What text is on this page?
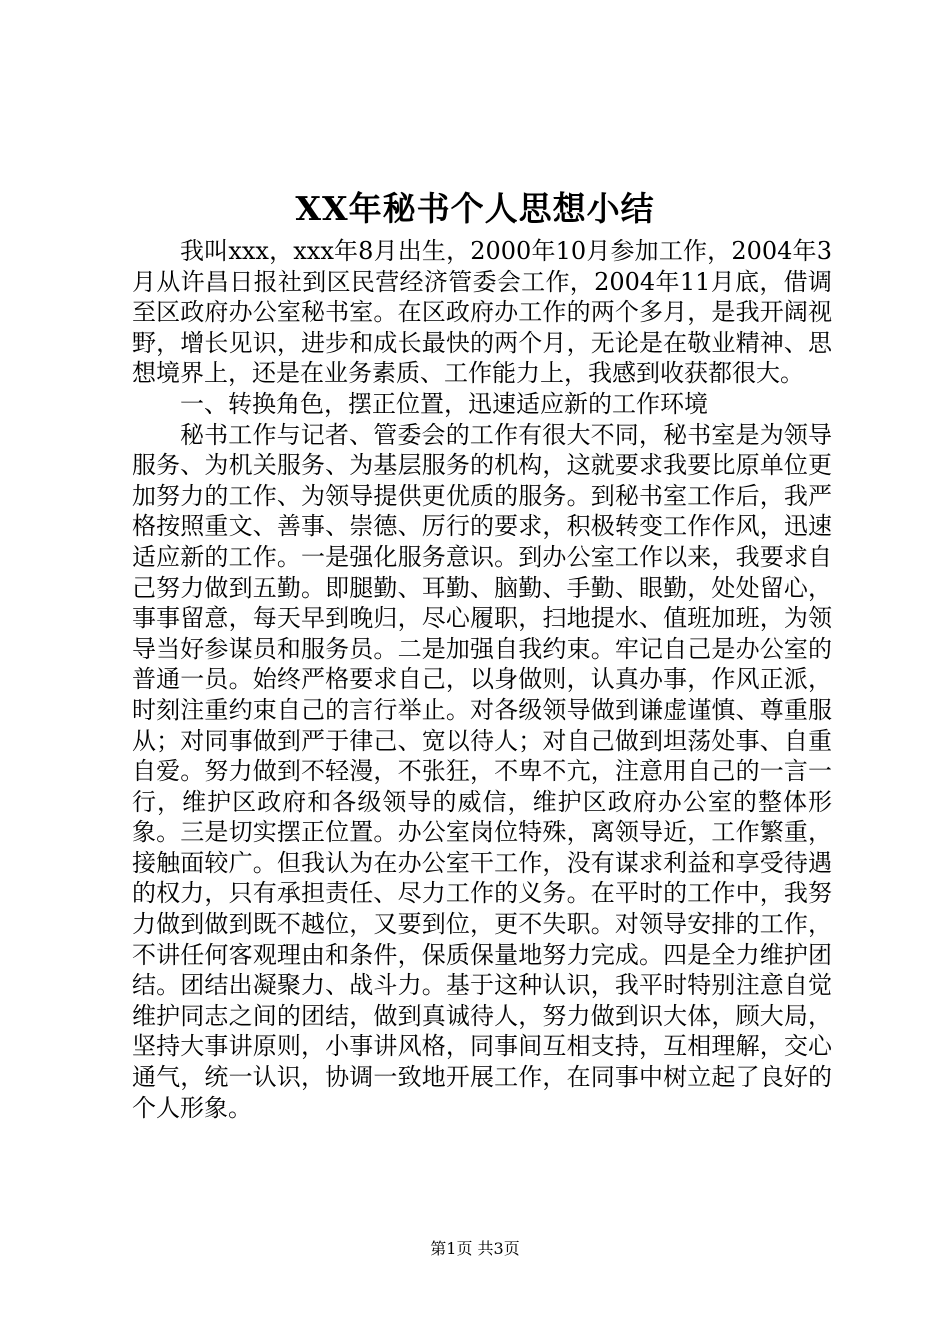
XX年秘书个人思想小结

我叫xxx，xxx年8月出生，2000年10月参加工作，2004年3月从许昌日报社到区民营经济管委会工作，2004年11月底，借调至区政府办公室秘书室。在区政府办工作的两个多月，是我开阔视野，增长见识，进步和成长最快的两个月，无论是在敬业精神、思想境界上，还是在业务素质、工作能力上，我感到收获都很大。

一、转换角色，摆正位置，迅速适应新的工作环境

秘书工作与记者、管委会的工作有很大不同，秘书室是为领导服务、为机关服务、为基层服务的机构，这就要求我要比原单位更加努力的工作、为领导提供更优质的服务。到秘书室工作后，我严格按照重文、善事、崇德、厉行的要求，积极转变工作作风，迅速适应新的工作。一是强化服务意识。到办公室工作以来，我要求自己努力做到五勤。即腿勤、耳勤、脑勤、手勤、眼勤，处处留心，事事留意，每天早到晚归，尽心履职，扫地提水、值班加班，为领导当好参谋员和服务员。二是加强自我约束。牢记自己是办公室的普通一员。始终严格要求自己，以身做则，认真办事，作风正派，时刻注重约束自己的言行举止。对各级领导做到谦虚谨慎、尊重服从；对同事做到严于律己、宽以待人；对自己做到坦荡处事、自重自爱。努力做到不轻漫，不张狂，不卑不亢，注意用自己的一言一行，维护区政府和各级领导的威信，维护区政府办公室的整体形象。三是切实摆正位置。办公室岗位特殊，离领导近，工作繁重，接触面较广。但我认为在办公室干工作，没有谋求利益和享受待遇的权力，只有承担责任、尽力工作的义务。在平时的工作中，我努力做到做到既不越位，又要到位，更不失职。对领导安排的工作，不讲任何客观理由和条件，保质保量地努力完成。四是全力维护团结。团结出凝聚力、战斗力。基于这种认识，我平时特别注意自觉维护同志之间的团结，做到真诚待人，努力做到识大体，顾大局，坚持大事讲原则，小事讲风格，同事间互相支持，互相理解，交心通气，统一认识，协调一致地开展工作，在同事中树立起了良好的个人形象。

第1页 共3页
